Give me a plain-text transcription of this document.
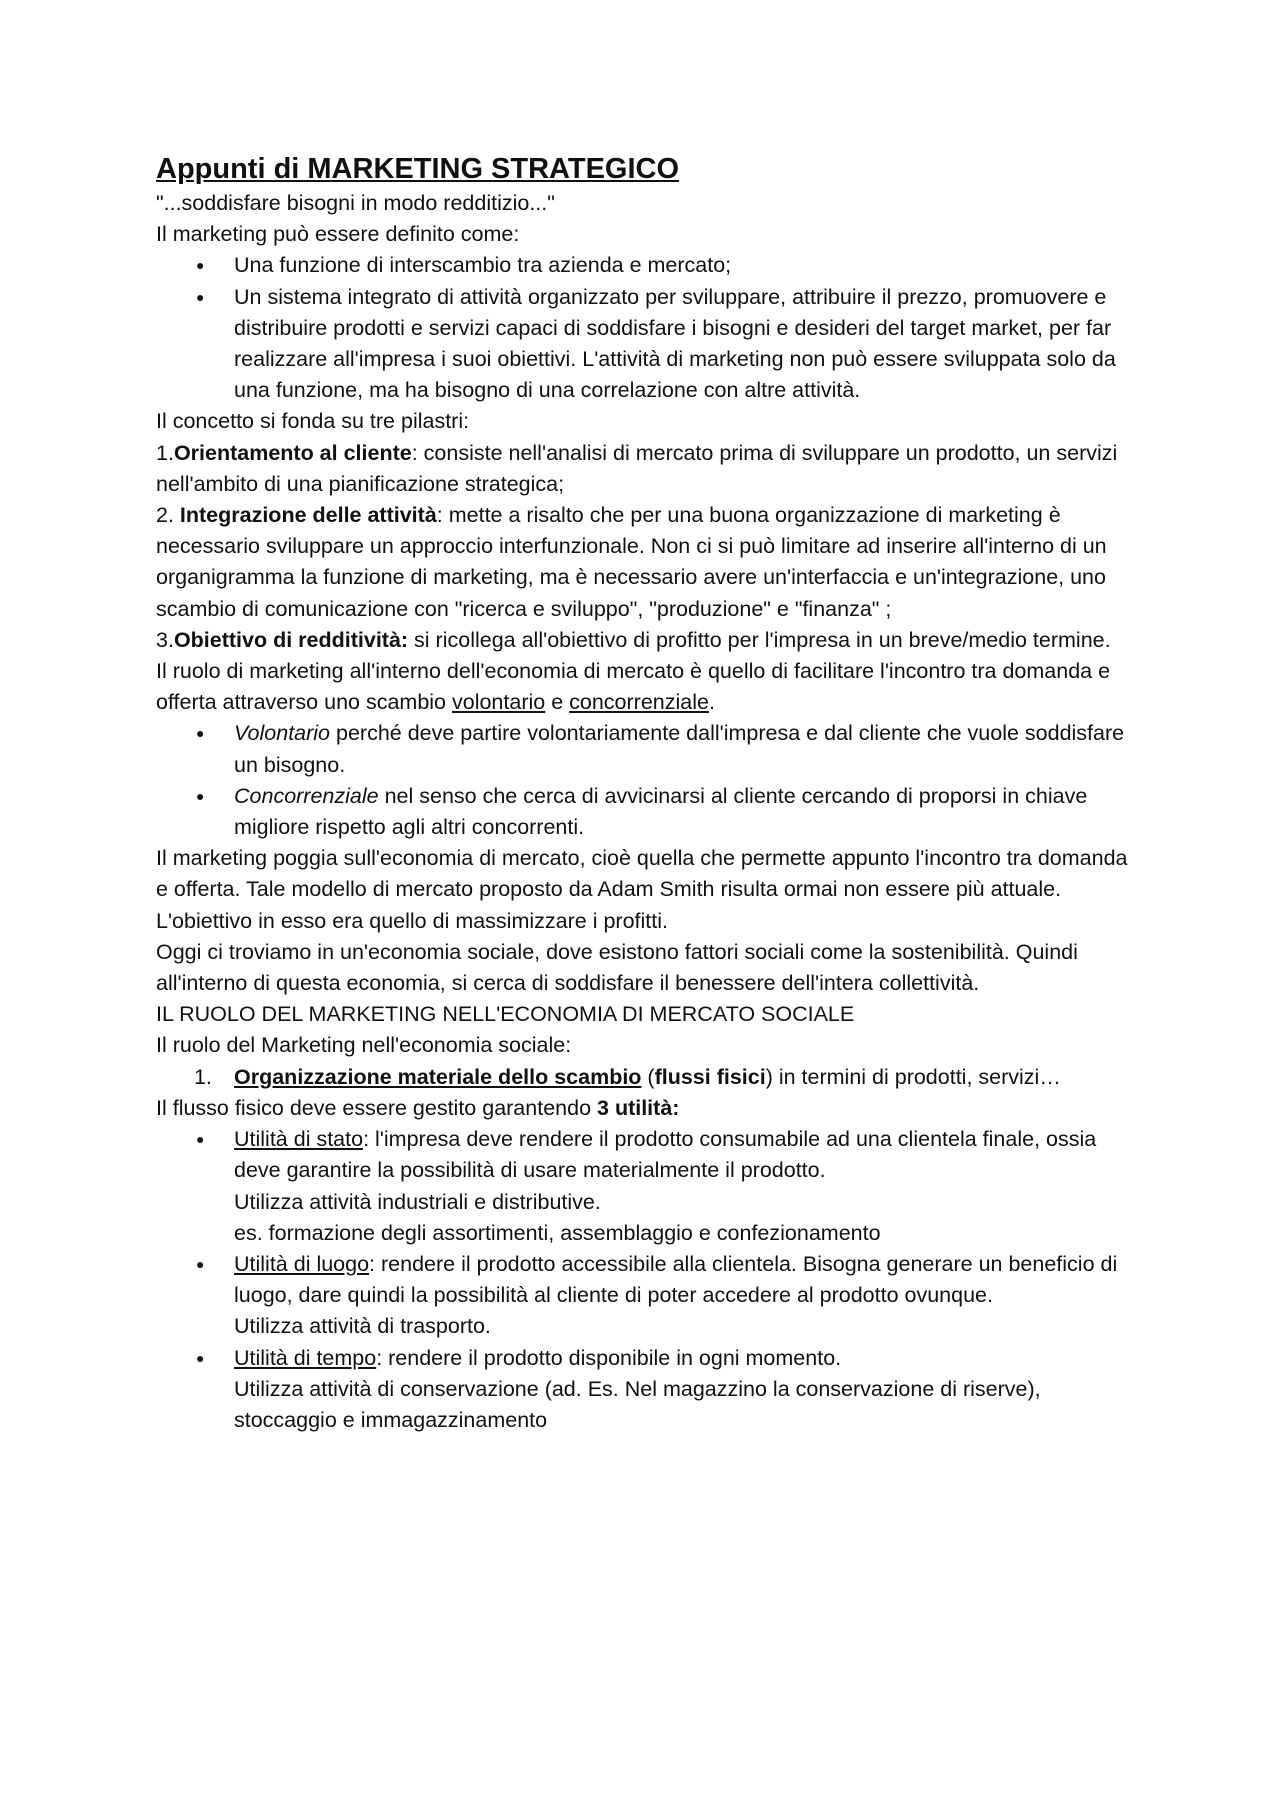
Appunti di MARKETING STRATEGICO

"...soddisfare bisogni in modo redditizio..."

Il marketing può essere definito come:

● Una funzione di interscambio tra azienda e mercato;
● Un sistema integrato di attività organizzato per sviluppare, attribuire il prezzo, promuovere e distribuire prodotti e servizi capaci di soddisfare i bisogni e desideri del target market, per far realizzare all'impresa i suoi obiettivi. L'attività di marketing non può essere sviluppata solo da una funzione, ma ha bisogno di una correlazione con altre attività.

Il concetto si fonda su tre pilastri:

1.Orientamento al cliente: consiste nell'analisi di mercato prima di sviluppare un prodotto, un servizi nell'ambito di una pianificazione strategica;

2. Integrazione delle attività: mette a risalto che per una buona organizzazione di marketing è necessario sviluppare un approccio interfunzionale. Non ci si può limitare ad inserire all'interno di un organigramma la funzione di marketing, ma è necessario avere un'interfaccia e un'integrazione, uno scambio di comunicazione con "ricerca e sviluppo", "produzione" e "finanza" ;

3.Obiettivo di redditività: si ricollega all'obiettivo di profitto per l'impresa in un breve/medio termine.

Il ruolo di marketing all'interno dell'economia di mercato è quello di facilitare l'incontro tra domanda e offerta attraverso uno scambio volontario e concorrenziale.

● Volontario perché deve partire volontariamente dall'impresa e dal cliente che vuole soddisfare un bisogno.
● Concorrenziale nel senso che cerca di avvicinarsi al cliente cercando di proporsi in chiave migliore rispetto agli altri concorrenti.

Il marketing poggia sull'economia di mercato, cioè quella che permette appunto l'incontro tra domanda e offerta. Tale modello di mercato proposto da Adam Smith risulta ormai non essere più attuale. L'obiettivo in esso era quello di massimizzare i profitti.

Oggi ci troviamo in un'economia sociale, dove esistono fattori sociali come la sostenibilità. Quindi all'interno di questa economia, si cerca di soddisfare il benessere dell'intera collettività.

IL RUOLO DEL MARKETING NELL'ECONOMIA DI MERCATO SOCIALE

Il ruolo del Marketing nell'economia sociale:

1. Organizzazione materiale dello scambio (flussi fisici) in termini di prodotti, servizi…

Il flusso fisico deve essere gestito garantendo 3 utilità:

● Utilità di stato: l'impresa deve rendere il prodotto consumabile ad una clientela finale, ossia deve garantire la possibilità di usare materialmente il prodotto.
Utilizza attività industriali e distributive.
es. formazione degli assortimenti, assemblaggio e confezionamento
● Utilità di luogo: rendere il prodotto accessibile alla clientela. Bisogna generare un beneficio di luogo, dare quindi la possibilità al cliente di poter accedere al prodotto ovunque.
Utilizza attività di trasporto.
● Utilità di tempo: rendere il prodotto disponibile in ogni momento.
Utilizza attività di conservazione (ad. Es. Nel magazzino la conservazione di riserve), stoccaggio e immagazzinamento
